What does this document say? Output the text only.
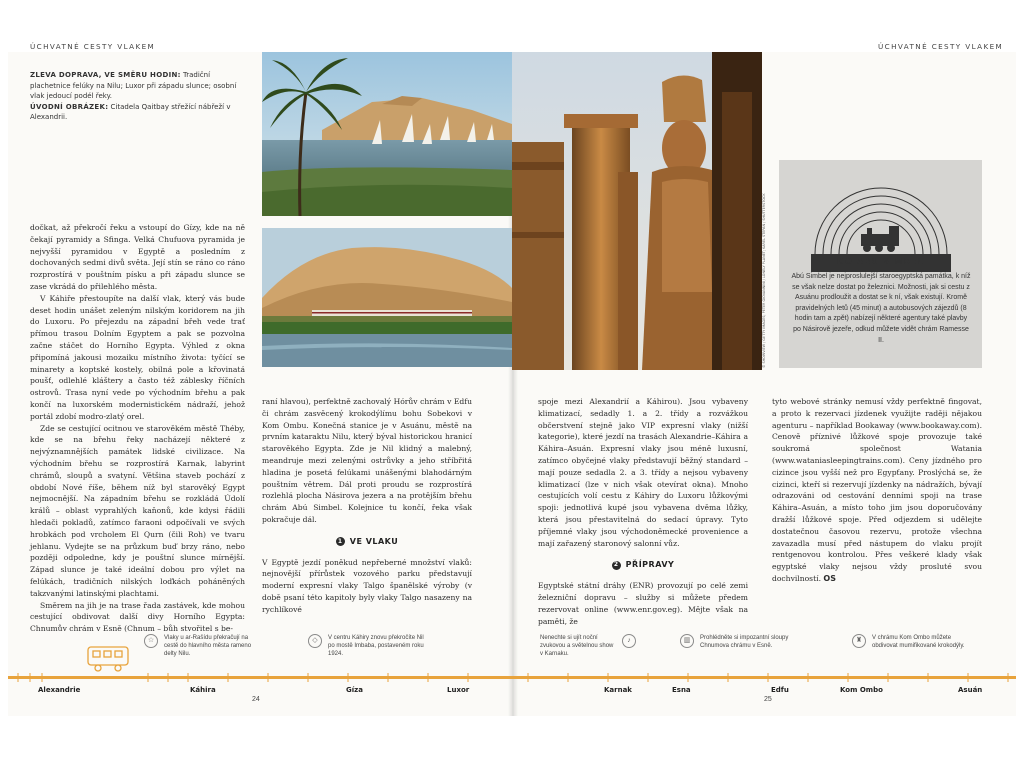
ÚCHVATNÉ CESTY VLAKEM	ÚCHVATNÉ CESTY VLAKEM
ZLEVA DOPRAVA, VE SMĚRU HODIN: Tradiční plachetnice felúky na Nilu; Luxor při západu slunce; osobní vlak jedoucí podél řeky.
ÚVODNÍ OBRÁZEK: Citadela Qaitbay střežící nábřeží v Alexandrii.
© SHOWVIEW / GETTY IMAGES; PETER GIOVANNINI / LONELY PLANET; KAREL STEPAN / SHUTTERSTOCK

dočkat, až překročí řeku a vstoupí do Gízy, kde na ně čekají pyramidy a Sfinga. Velká Chufuova pyramida je nejvyšší pyramidou v Egyptě a posledním z dochovaných sedmi divů světa. Její stín se ráno co ráno rozprostírá v pouštním písku a při západu slunce se zase vkrádá do přilehlého města.

V Káhiře přestoupíte na další vlak, který vás bude deset hodin unášet zeleným nilským koridorem na jih do Luxoru. Po přejezdu na západní břeh vede trať přímou trasou Dolním Egyptem a pak se pozvolna začne stáčet do Horního Egypta. Výhled z okna připomíná jakousi mozaiku místního života: tyčící se minarety a koptské kostely, obilná pole a křovinatá poušť, odlehlé kláštery a často též záblesky říčních ostrovů. Trasa nyní vede po východním břehu a pak končí na luxorském modernistickém nádraží, jehož portál zdobí modro-zlatý orel.

Zde se cestující ocitnou ve starověkém městě Théby, kde se na břehu řeky nacházejí některé z nejvýznamnějších památek lidské civilizace. Na východním břehu se rozprostírá Karnak, labyrint chrámů, sloupů a svatyní. Většina staveb pochází z období Nové říše, během níž byl starověký Egypt nejmocnější. Na západním břehu se rozkládá Údolí králů – oblast vyprahlých kaňonů, kde kdysi řádili hledači pokladů, zatímco faraoni odpočívali ve svých hrobkách pod vrcholem El Qurn (čili Roh) ve tvaru jehlanu. Vydejte se na průzkum buď brzy ráno, nebo později odpoledne, kdy je pouštní slunce mírnější. Západ slunce je také ideální dobou pro výlet na felúkách, tradičních nilských loďkách poháněných takzvanými latinskými plachtami.

Směrem na jih je na trase řada zastávek, kde mohou cestující obdivovat další divy Horního Egypta: Chnumův chrám v Esně (Chnum – bůh stvořitel s be-

raní hlavou), perfektně zachovalý Hórův chrám v Edfu či chrám zasvěcený krokodýlímu bohu Sobekovi v Kom Ombu. Konečná stanice je v Asuánu, městě na prvním kataraktu Nilu, který býval historickou hranicí starověkého Egypta. Zde je Nil klidný a malebný, meandruje mezi zelenými ostrůvky a jeho stříbřitá hladina je posetá felúkami unášenými blahodárným pouštním větrem. Dál proti proudu se rozprostírá rozlehlá plocha Násirova jezera a na protějším břehu chrám Abú Simbel. Kolejnice tu končí, řeka však pokračuje dál.

1 VE VLAKU

V Egyptě jezdí poněkud nepřeberné množství vlaků: nejnovější přírůstek vozového parku představují moderní expresní vlaky Talgo španělské výroby (v době psaní této kapitoly byly vlaky Talgo nasazeny na rychlíkové

spoje mezi Alexandrií a Káhirou). Jsou vybaveny klimatizací, sedadly 1. a 2. třídy a rozvážkou občerstvení stejně jako VIP expresní vlaky (nižší kategorie), které jezdí na trasách Alexandrie–Káhira a Káhira–Asuán. Expresní vlaky jsou méně luxusní, zatímco obyčejné vlaky představují běžný standard – mají pouze sedadla 2. a 3. třídy a nejsou vybaveny klimatizací (lze v nich však otevírat okna). Mnoho cestujících volí cestu z Káhiry do Luxoru lůžkovými spoji: jednotlivá kupé jsou vybavena dvěma lůžky, která jsou přestavitelná do sedací úpravy. Tyto příjemné vlaky jsou východoněmecké provenience a mají zařazený staronový salonní vůz.

2 PŘÍPRAVY

Egyptské státní dráhy (ENR) provozují po celé zemi železniční dopravu – služby si můžete předem rezervovat online (www.enr.gov.eg). Mějte však na paměti, že

tyto webové stránky nemusí vždy perfektně fingovat, a proto k rezervaci jízdenek využijte raději nějakou agenturu – například Bookaway (www.bookaway.com). Cenově příznivé lůžkové spoje provozuje také soukromá společnost Watania (www.wataniasleepingtrains.com). Ceny jízdného pro cizince jsou vyšší než pro Egypťany. Proslýchá se, že cizinci, kteří si rezervují jízdenky na nádražích, bývají odrazováni od cestování denními spoji na trase Káhira–Asuán, a místo toho jim jsou doporučovány dražší lůžkové spoje. Před odjezdem si udělejte dostatečnou časovou rezervu, protože všechna zavazadla musí před nástupem do vlaku projít rentgenovou kontrolou. Přes veškeré klady však egyptské vlaky nejsou vždy prosluté svou dochvilností. OS

DO ABU SIMBEL
Abú Simbel je nejproslulejší staroegyptská památka, k níž se však nelze dostat po železnici. Možnosti, jak si cestu z Asuánu prodloužit a dostat se k ní, však existují. Kromě pravidelných letů (45 minut) a autobusových zájezdů (8 hodin tam a zpět) nabízejí některé agentury také plavby po Násirově jezeře, odkud můžete vidět chrám Ramesse II.
☆	Vlaky u ar-Rašídu překračují na cestě do hlavního města rameno delty Nilu.
◇	V centru Káhiry znovu překročíte Nil po mostě Imbaba, postaveném roku 1924.
Nenechte si ujít noční zvukovou a světelnou show v Karnaku.
♪	▥	Prohlédněte si impozantní sloupy Chnumova chrámu v Esně.
♜	V chrámu Kom Ombo můžete obdivovat mumifikované krokodýly.
Alexandrie	Káhira	Gíza	Luxor	Karnak	Esna	Edfu	Kom Ombo	Asuán
24	25
